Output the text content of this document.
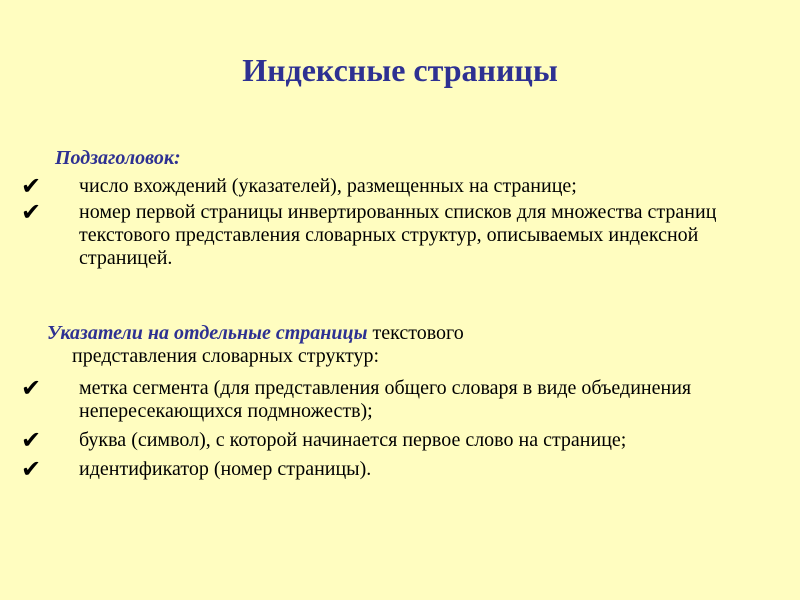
Индексные страницы
Подзаголовок:
✔ число вхождений (указателей), размещенных на странице;
✔ номер первой страницы инвертированных списков для множества страниц текстового представления словарных структур, описываемых индексной страницей.
Указатели на отдельные страницы текстового
представления словарных структур:
✔ метка сегмента (для представления общего словаря в виде объединения непересекающихся подмножеств);
✔ буква (символ), с которой начинается первое слово на странице;
✔ идентификатор (номер страницы).
